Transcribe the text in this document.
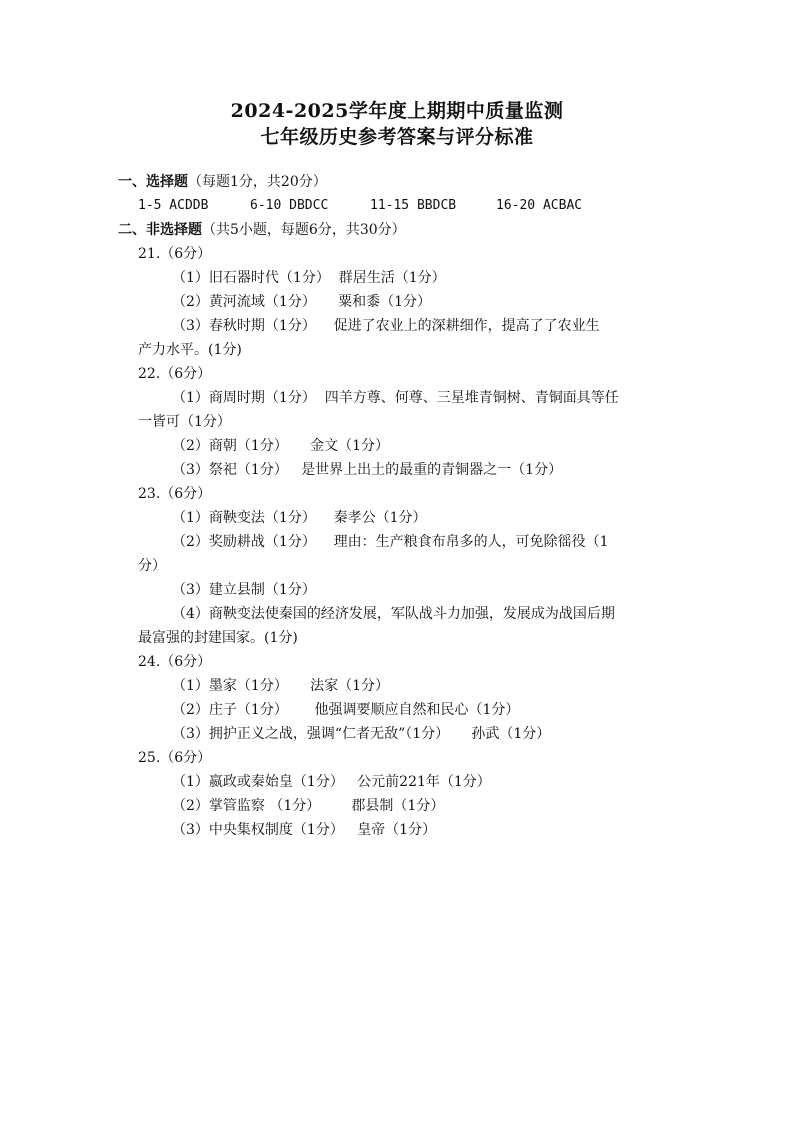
2024-2025学年度上期期中质量监测
七年级历史参考答案与评分标准
一、选择题（每题1分，共20分）
1-5 ACDDB	6-10 DBDCC	11-15 BBDCB	16-20 ACBAC
二、非选择题（共5小题，每题6分，共30分）
21.（6分）
（1）旧石器时代（1分）  群居生活（1分）
（2）黄河流域（1分）     粟和黍（1分）
（3）春秋时期（1分）    促进了农业上的深耕细作，提高了了农业生
产力水平。(1分)
22.（6分）
（1）商周时期（1分）  四羊方尊、何尊、三星堆青铜树、青铜面具等任
一皆可（1分）
（2）商朝（1分）     金文（1分）
（3）祭祀（1分）   是世界上出土的最重的青铜器之一（1分）
23.（6分）
（1）商鞅变法（1分）    秦孝公（1分）
（2）奖励耕战（1分）    理由：生产粮食布帛多的人，可免除徭役（1
分）
（3）建立县制（1分）
（4）商鞅变法使秦国的经济发展，军队战斗力加强，发展成为战国后期
最富强的封建国家。(1分)
24.（6分）
（1）墨家（1分）     法家（1分）
（2）庄子（1分）      他强调要顺应自然和民心（1分）
（3）拥护正义之战，强调“仁者无敌”（1分）     孙武（1分）
25.（6分）
（1）嬴政或秦始皇（1分）   公元前221年（1分）
（2）掌管监察 （1分）       郡县制（1分）
（3）中央集权制度（1分）   皇帝（1分）
